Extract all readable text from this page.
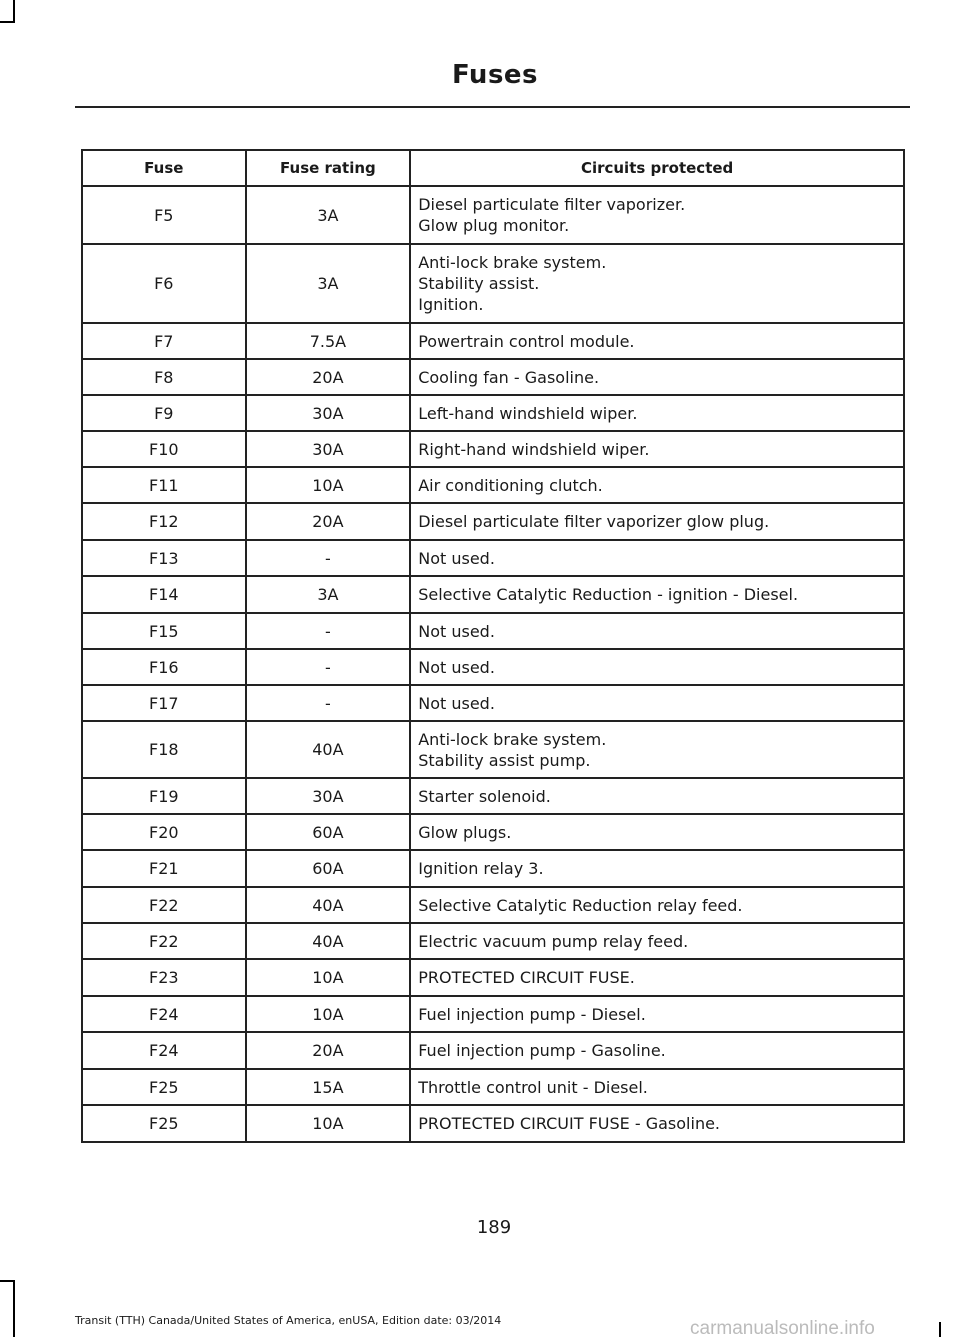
Fuses
Fuse	Fuse rating	Circuits protected
F5	3A	Diesel particulate filter vaporizer.
Glow plug monitor.

F6	3A	Anti-lock brake system.
Stability assist.
Ignition.

F7	7.5A	Powertrain control module.

F8	20A	Cooling fan - Gasoline.

F9	30A	Left-hand windshield wiper.

F10	30A	Right-hand windshield wiper.

F11	10A	Air conditioning clutch.

F12	20A	Diesel particulate filter vaporizer glow plug.

F13	-	Not used.

F14	3A	Selective Catalytic Reduction - ignition - Diesel.

F15	-	Not used.

F16	-	Not used.

F17	-	Not used.

F18	40A	Anti-lock brake system.
Stability assist pump.

F19	30A	Starter solenoid.

F20	60A	Glow plugs.

F21	60A	Ignition relay 3.

F22	40A	Selective Catalytic Reduction relay feed.

F22	40A	Electric vacuum pump relay feed.

F23	10A	PROTECTED CIRCUIT FUSE.

F24	10A	Fuel injection pump - Diesel.

F24	20A	Fuel injection pump - Gasoline.

F25	15A	Throttle control unit - Diesel.

F25	10A	PROTECTED CIRCUIT FUSE - Gasoline.
189
Transit (TTH) Canada/United States of America, enUSA, Edition date: 03/2014	carmanualsonline.info
